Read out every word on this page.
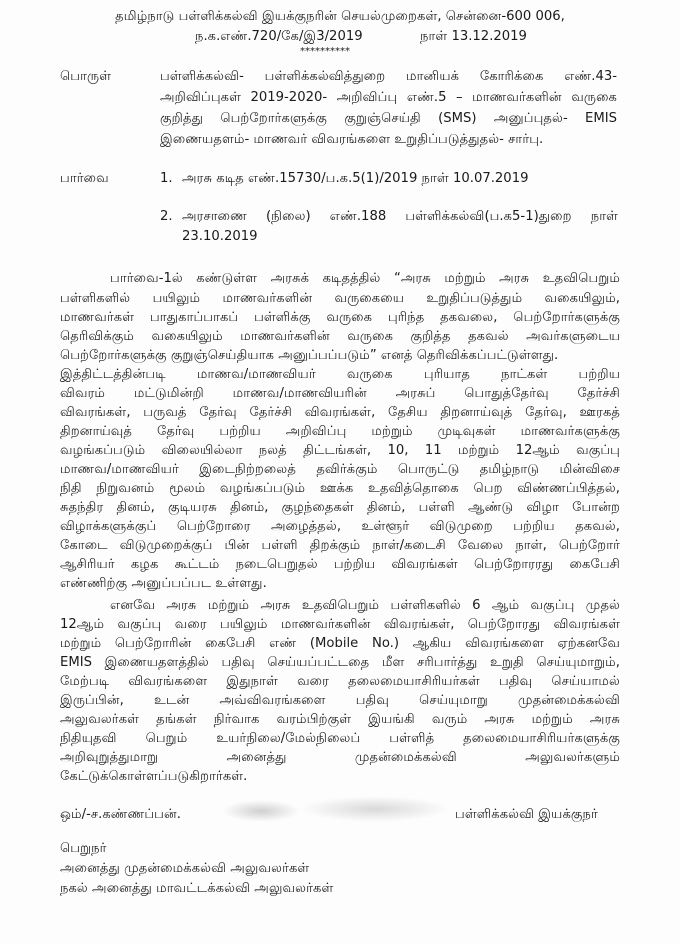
தமிழ்நாடு பள்ளிக்கல்வி இயக்குநரின் செயல்முறைகள், சென்னை-600 006,
ந.க.எண்.720/கே/இ3/2019	நாள் 13.12.2019
**********
பொருள்	பள்ளிக்கல்வி- பள்ளிக்கல்வித்துறை மானியக் கோரிக்கை எண்.43-
அறிவிப்புகள் 2019-2020- அறிவிப்பு எண்.5 – மாணவர்களின் வருகை
குறித்து பெற்றோர்களுக்கு குறுஞ்செய்தி (SMS) அனுப்புதல்- EMIS
இணையதளம்- மாணவர் விவரங்களை உறுதிப்படுத்துதல்- சார்பு.
பார்வை	1. அரசு கடித எண்.15730/ப.க.5(1)/2019 நாள் 10.07.2019
2. அரசாணை (நிலை) எண்.188 பள்ளிக்கல்வி(ப.க5-1)துறை நாள்
23.10.2019
பார்வை-1ல் கண்டுள்ள அரசுக் கடிதத்தில் “அரசு மற்றும் அரசு உதவிபெறும்
பள்ளிகளில் பயிலும் மாணவர்களின் வருகையை உறுதிப்படுத்தும் வகையிலும்,
மாணவர்கள் பாதுகாப்பாகப் பள்ளிக்கு வருகை புரிந்த தகவலை, பெற்றோர்களுக்கு
தெரிவிக்கும் வகையிலும் மாணவர்களின் வருகை குறித்த தகவல் அவர்களுடைய
பெற்றோர்களுக்கு குறுஞ்செய்தியாக அனுப்பப்படும்” எனத் தெரிவிக்கப்பட்டுள்ளது.
இத்திட்டத்தின்படி மாணவ/மாணவியர் வருகை புரியாத நாட்கள் பற்றிய
விவரம் மட்டுமின்றி மாணவ/மாணவியரின் அரசுப் பொதுத்தேர்வு தேர்ச்சி
விவரங்கள், பருவத் தேர்வு தேர்ச்சி விவரங்கள், தேசிய திறனாய்வுத் தேர்வு, ஊரகத்
திறனாய்வுத் தேர்வு பற்றிய அறிவிப்பு மற்றும் முடிவுகள் மாணவர்களுக்கு
வழங்கப்படும் விலையில்லா நலத் திட்டங்கள், 10, 11 மற்றும் 12ஆம் வகுப்பு
மாணவ/மாணவியர் இடைநிற்றலைத் தவிர்க்கும் பொருட்டு தமிழ்நாடு மின்விசை
நிதி நிறுவனம் மூலம் வழங்கப்படும் ஊக்க உதவித்தொகை பெற விண்ணப்பித்தல்,
சுதந்திர தினம், குடியரசு தினம், குழந்தைகள் தினம், பள்ளி ஆண்டு விழா போன்ற
விழாக்களுக்குப் பெற்றோரை அழைத்தல், உள்ளூர் விடுமுறை பற்றிய தகவல்,
கோடை விடுமுறைக்குப் பின் பள்ளி திறக்கும் நாள்/கடைசி வேலை நாள், பெற்றோர்
ஆசிரியர் கழக கூட்டம் நடைபெறுதல் பற்றிய விவரங்கள் பெற்றோரரது கைபேசி
எண்ணிற்கு அனுப்பப்பட உள்ளது.
எனவே அரசு மற்றும் அரசு உதவிபெறும் பள்ளிகளில் 6 ஆம் வகுப்பு முதல்
12ஆம் வகுப்பு வரை பயிலும் மாணவர்களின் விவரங்கள், பெற்றோரது விவரங்கள்
மற்றும் பெற்றோரின் கைபேசி எண் (Mobile No.) ஆகிய விவரங்களை ஏற்கனவே
EMIS இணையதளத்தில் பதிவு செய்யப்பட்டதை மீள சரிபார்த்து உறுதி செய்யுமாறும்,
மேற்படி விவரங்களை இதுநாள் வரை தலைமையாசிரியர்கள் பதிவு செய்யாமல்
இருப்பின், உடன் அவ்விவரங்களை பதிவு செய்யுமாறு முதன்மைக்கல்வி
அலுவலர்கள் தங்கள் நிர்வாக வரம்பிற்குள் இயங்கி வரும் அரசு மற்றும் அரசு
நிதியுதவி பெறும் உயர்நிலை/மேல்நிலைப் பள்ளித் தலைமையாசிரியர்களுக்கு
அறிவுறுத்துமாறு அனைத்து முதன்மைக்கல்வி அலுவலர்களும்
கேட்டுக்கொள்ளப்படுகிறார்கள்.
ஒம்/-ச.கண்ணப்பன்.	பள்ளிக்கல்வி இயக்குநர்
பெறுநர்
அனைத்து முதன்மைக்கல்வி அலுவலர்கள்
நகல் அனைத்து மாவட்டக்கல்வி அலுவலர்கள்
